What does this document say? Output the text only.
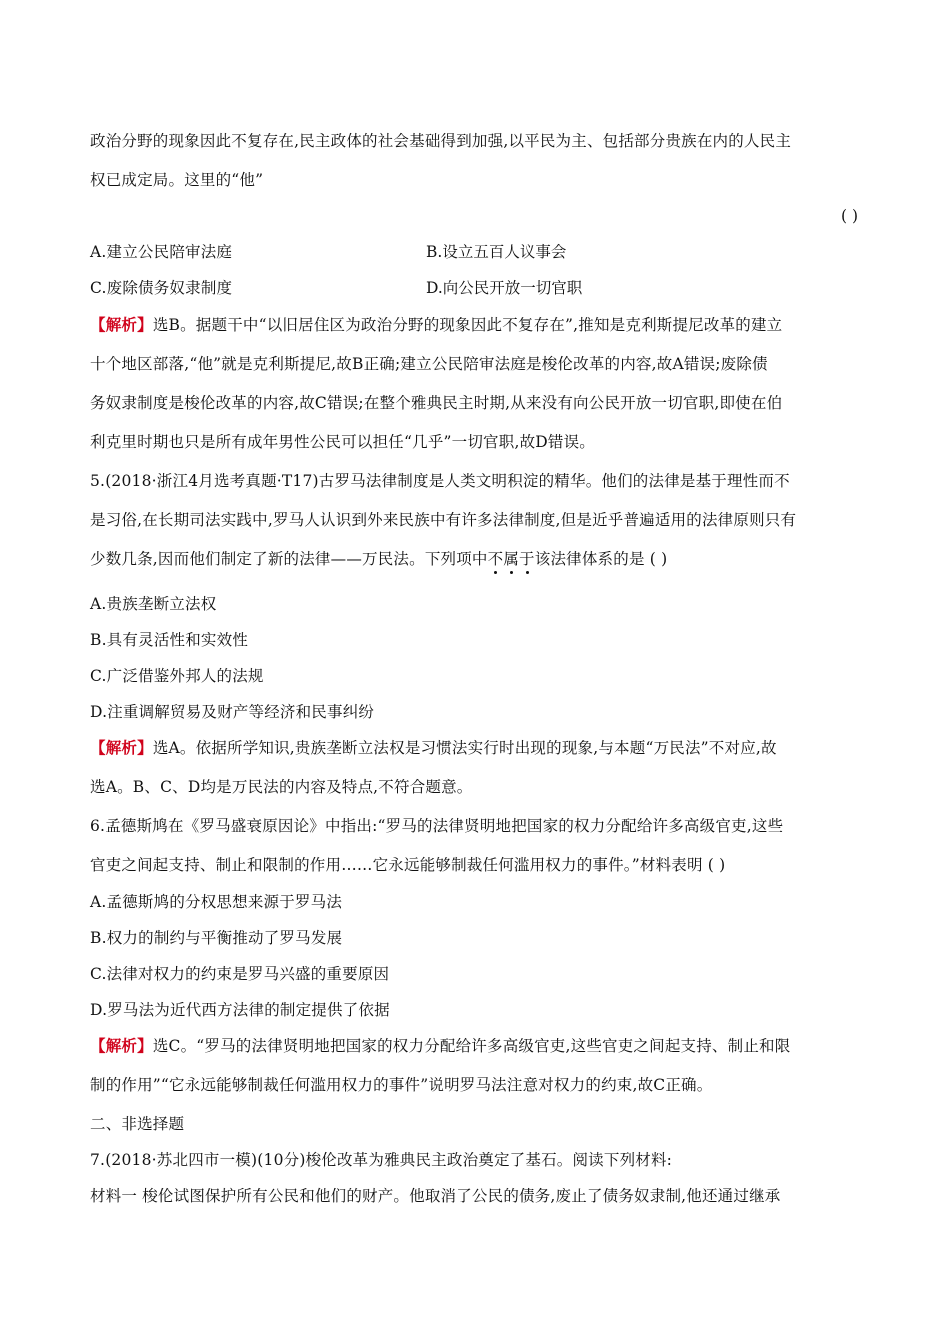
政治分野的现象因此不复存在,民主政体的社会基础得到加强,以平民为主、包括部分贵族在内的人民主
权已成定局。这里的“他”
( )
A.建立公民陪审法庭	B.设立五百人议事会
C.废除债务奴隶制度	D.向公民开放一切官职
【解析】选B。据题干中“以旧居住区为政治分野的现象因此不复存在”,推知是克利斯提尼改革的建立
十个地区部落,“他”就是克利斯提尼,故B正确;建立公民陪审法庭是梭伦改革的内容,故A错误;废除债
务奴隶制度是梭伦改革的内容,故C错误;在整个雅典民主时期,从来没有向公民开放一切官职,即使在伯
利克里时期也只是所有成年男性公民可以担任“几乎”一切官职,故D错误。
5.(2018·浙江4月选考真题·T17)古罗马法律制度是人类文明积淀的精华。他们的法律是基于理性而不
是习俗,在长期司法实践中,罗马人认识到外来民族中有许多法律制度,但是近乎普遍适用的法律原则只有
少数几条,因而他们制定了新的法律——万民法。下列项中不属于
该法律体系的是 ( )
A.贵族垄断立法权
B.具有灵活性和实效性
C.广泛借鉴外邦人的法规
D.注重调解贸易及财产等经济和民事纠纷
【解析】选A。依据所学知识,贵族垄断立法权是习惯法实行时出现的现象,与本题“万民法”不对应,故
选A。B、C、D均是万民法的内容及特点,不符合题意。
6.孟德斯鸠在《罗马盛衰原因论》中指出:“罗马的法律贤明地把国家的权力分配给许多高级官吏,这些
官吏之间起支持、制止和限制的作用……它永远能够制裁任何滥用权力的事件。”材料表明 ( )
A.孟德斯鸠的分权思想来源于罗马法
B.权力的制约与平衡推动了罗马发展
C.法律对权力的约束是罗马兴盛的重要原因
D.罗马法为近代西方法律的制定提供了依据
【解析】选C。“罗马的法律贤明地把国家的权力分配给许多高级官吏,这些官吏之间起支持、制止和限
制的作用”“它永远能够制裁任何滥用权力的事件”说明罗马法注意对权力的约束,故C正确。
二、非选择题
7.(2018·苏北四市一模)(10分)梭伦改革为雅典民主政治奠定了基石。阅读下列材料:
材料一 梭伦试图保护所有公民和他们的财产。他取消了公民的债务,废止了债务奴隶制,他还通过继承
